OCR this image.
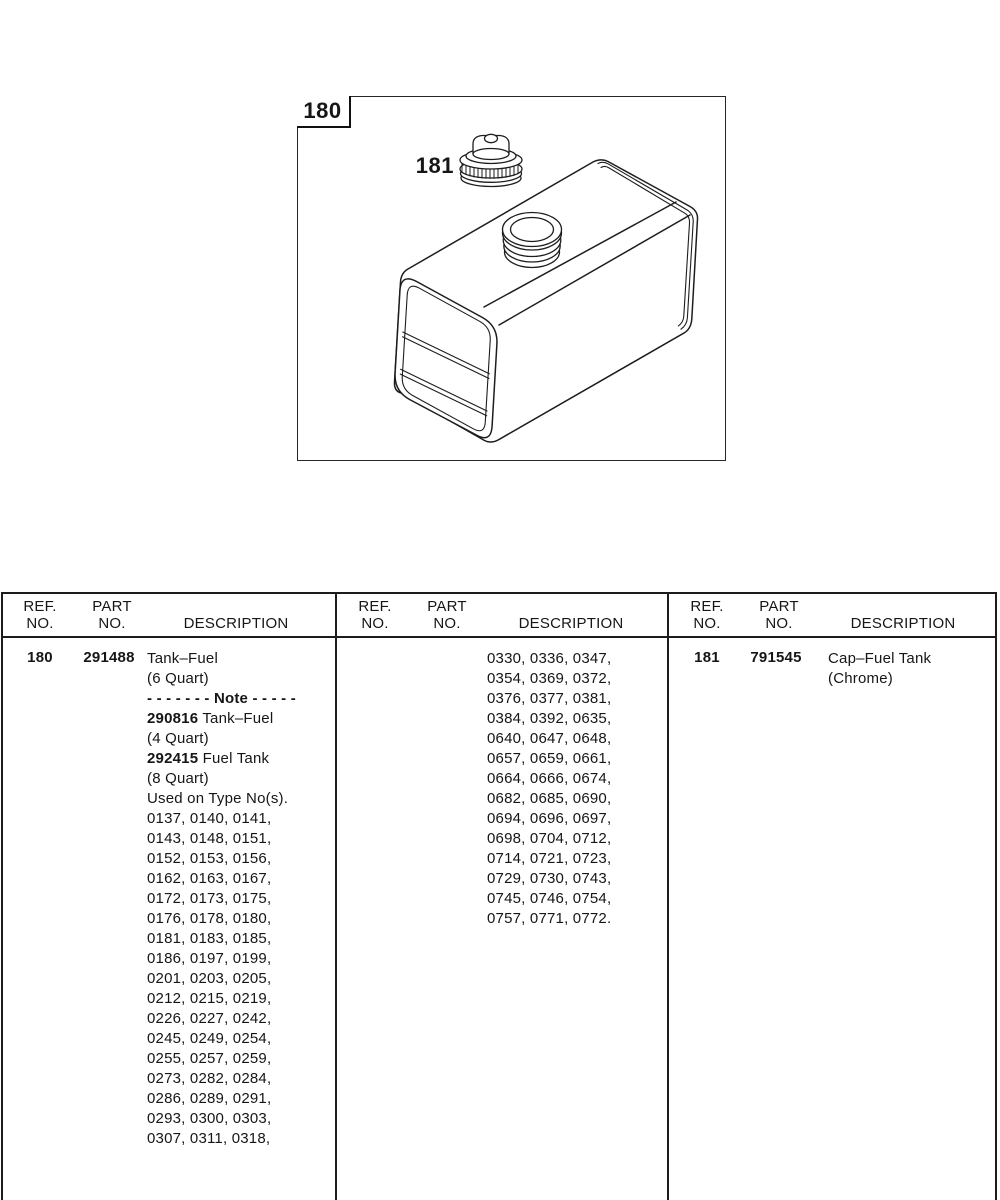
180
181
REF.
NO.
PART
NO.	DESCRIPTION
180	291488 Tank–Fuel
(6 Quart)
- - - - - - - Note - - - - -
290816 Tank–Fuel
(4 Quart)
292415 Fuel Tank
(8 Quart)
Used on Type No(s).
0137, 0140, 0141,
0143, 0148, 0151,
0152, 0153, 0156,
0162, 0163, 0167,
0172, 0173, 0175,
0176, 0178, 0180,
0181, 0183, 0185,
0186, 0197, 0199,
0201, 0203, 0205,
0212, 0215, 0219,
0226, 0227, 0242,
0245, 0249, 0254,
0255, 0257, 0259,
0273, 0282, 0284,
0286, 0289, 0291,
0293, 0300, 0303,
0307, 0311, 0318,
REF.
NO.
PART
NO.	DESCRIPTION
0330, 0336, 0347,
0354, 0369, 0372,
0376, 0377, 0381,
0384, 0392, 0635,
0640, 0647, 0648,
0657, 0659, 0661,
0664, 0666, 0674,
0682, 0685, 0690,
0694, 0696, 0697,
0698, 0704, 0712,
0714, 0721, 0723,
0729, 0730, 0743,
0745, 0746, 0754,
0757, 0771, 0772.
REF.
NO.
PART
NO.	DESCRIPTION
181	791545	Cap–Fuel Tank
(Chrome)
